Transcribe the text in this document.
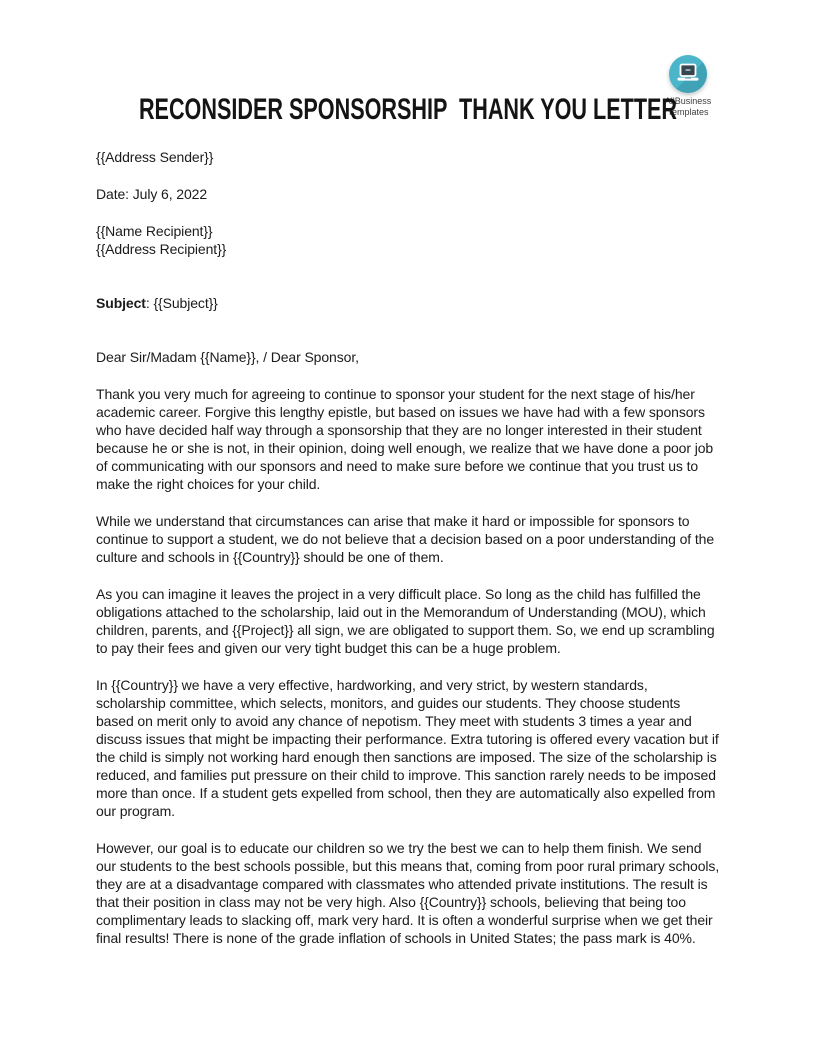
AllBusiness
Templates
RECONSIDER SPONSORSHIP  THANK YOU LETTER

{{Address Sender}}

Date: July 6, 2022

{{Name Recipient}}
{{Address Recipient}}

Subject: {{Subject}}

Dear Sir/Madam {{Name}}, / Dear Sponsor,

Thank you very much for agreeing to continue to sponsor your student for the next stage of his/her academic career. Forgive this lengthy epistle, but based on issues we have had with a few sponsors who have decided half way through a sponsorship that they are no longer interested in their student because he or she is not, in their opinion, doing well enough, we realize that we have done a poor job of communicating with our sponsors and need to make sure before we continue that you trust us to make the right choices for your child.

While we understand that circumstances can arise that make it hard or impossible for sponsors to continue to support a student, we do not believe that a decision based on a poor understanding of the culture and schools in {{Country}} should be one of them.

As you can imagine it leaves the project in a very difficult place. So long as the child has fulfilled the obligations attached to the scholarship, laid out in the Memorandum of Understanding (MOU), which children, parents, and {{Project}} all sign, we are obligated to support them. So, we end up scrambling to pay their fees and given our very tight budget this can be a huge problem.

In {{Country}} we have a very effective, hardworking, and very strict, by western standards, scholarship committee, which selects, monitors, and guides our students. They choose students based on merit only to avoid any chance of nepotism. They meet with students 3 times a year and discuss issues that might be impacting their performance. Extra tutoring is offered every vacation but if the child is simply not working hard enough then sanctions are imposed. The size of the scholarship is reduced, and families put pressure on their child to improve. This sanction rarely needs to be imposed more than once. If a student gets expelled from school, then they are automatically also expelled from our program.

However, our goal is to educate our children so we try the best we can to help them finish. We send our students to the best schools possible, but this means that, coming from poor rural primary schools, they are at a disadvantage compared with classmates who attended private institutions. The result is that their position in class may not be very high. Also {{Country}} schools, believing that being too complimentary leads to slacking off, mark very hard. It is often a wonderful surprise when we get their final results! There is none of the grade inflation of schools in United States; the pass mark is 40%.
